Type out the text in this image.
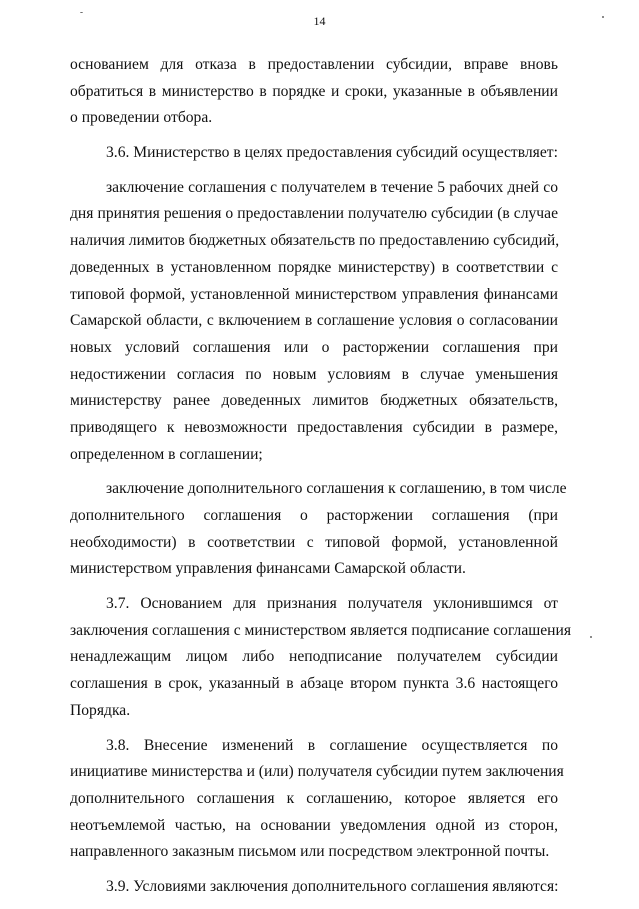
14
основанием для отказа в предоставлении субсидии, вправе вновь
обратиться в министерство в порядке и сроки, указанные в объявлении
о проведении отбора.
3.6. Министерство в целях предоставления субсидий осуществляет:
заключение соглашения с получателем в течение 5 рабочих дней со
дня принятия решения о предоставлении получателю субсидии (в случае
наличия лимитов бюджетных обязательств по предоставлению субсидий,
доведенных в установленном порядке министерству) в соответствии с
типовой формой, установленной министерством управления финансами
Самарской области, с включением в соглашение условия о согласовании
новых условий соглашения или о расторжении соглашения при
недостижении согласия по новым условиям в случае уменьшения
министерству ранее доведенных лимитов бюджетных обязательств,
приводящего к невозможности предоставления субсидии в размере,
определенном в соглашении;
заключение дополнительного соглашения к соглашению, в том числе
дополнительного соглашения о расторжении соглашения (при
необходимости) в соответствии с типовой формой, установленной
министерством управления финансами Самарской области.
3.7. Основанием для признания получателя уклонившимся от
заключения соглашения с министерством является подписание соглашения
ненадлежащим лицом либо неподписание получателем субсидии
соглашения в срок, указанный в абзаце втором пункта 3.6 настоящего
Порядка.
3.8. Внесение изменений в соглашение осуществляется по
инициативе министерства и (или) получателя субсидии путем заключения
дополнительного соглашения к соглашению, которое является его
неотъемлемой частью, на основании уведомления одной из сторон,
направленного заказным письмом или посредством электронной почты.
3.9. Условиями заключения дополнительного соглашения являются:
